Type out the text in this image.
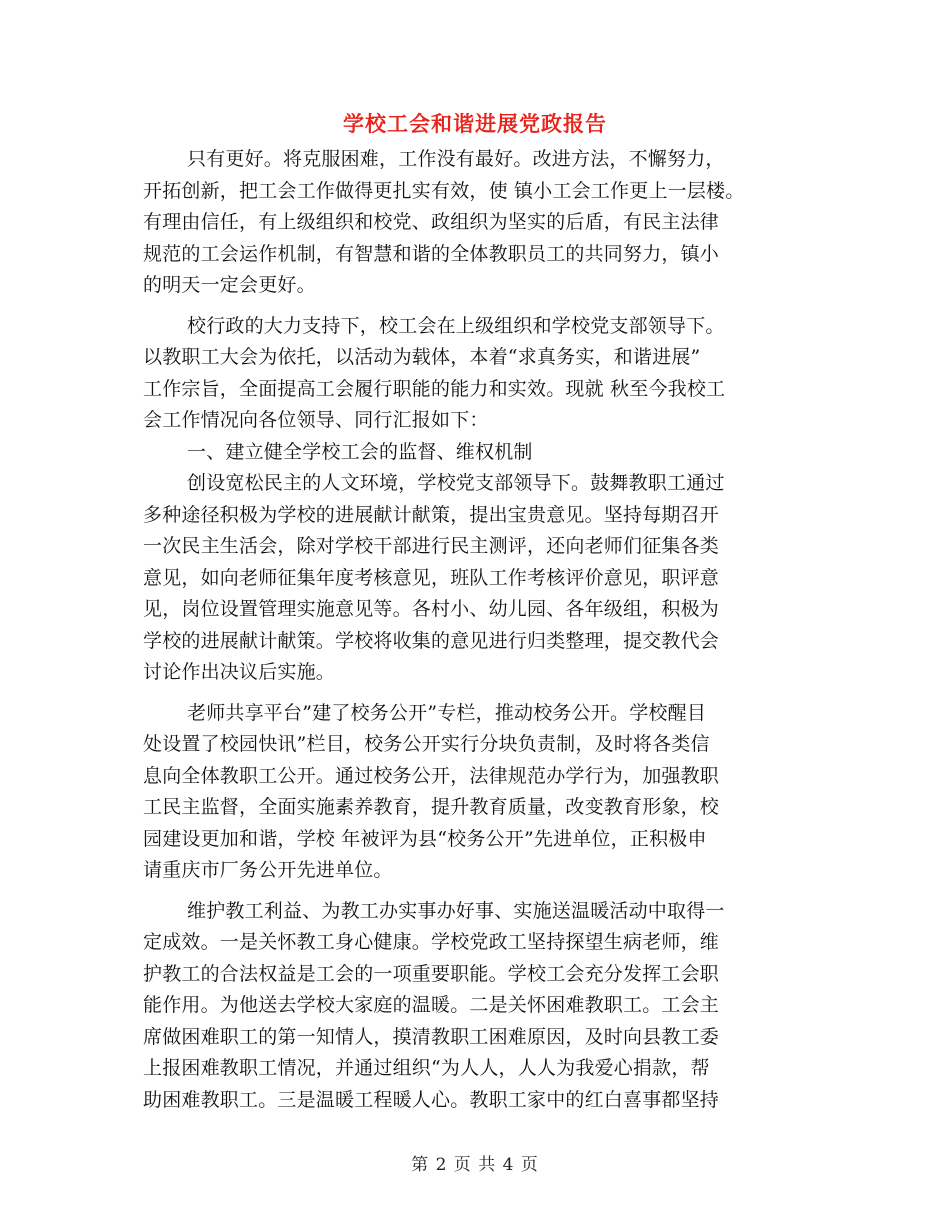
学校工会和谐进展党政报告
只有更好。将克服困难，工作没有最好。改进方法，不懈努力，
开拓创新，把工会工作做得更扎实有效，使 镇小工会工作更上一层楼。
有理由信任，有上级组织和校党、政组织为坚实的后盾，有民主法律
规范的工会运作机制，有智慧和谐的全体教职员工的共同努力，镇小
的明天一定会更好。
校行政的大力支持下，校工会在上级组织和学校党支部领导下。
以教职工大会为依托，以活动为载体，本着“求真务实，和谐进展”
工作宗旨，全面提高工会履行职能的能力和实效。现就 秋至今我校工
会工作情况向各位领导、同行汇报如下：
一、建立健全学校工会的监督、维权机制
创设宽松民主的人文环境，学校党支部领导下。鼓舞教职工通过
多种途径积极为学校的进展献计献策，提出宝贵意见。坚持每期召开
一次民主生活会，除对学校干部进行民主测评，还向老师们征集各类
意见，如向老师征集年度考核意见，班队工作考核评价意见，职评意
见，岗位设置管理实施意见等。各村小、幼儿园、各年级组，积极为
学校的进展献计献策。学校将收集的意见进行归类整理，提交教代会
讨论作出决议后实施。
老师共享平台”建了校务公开”专栏，推动校务公开。学校醒目
处设置了校园快讯”栏目，校务公开实行分块负责制，及时将各类信
息向全体教职工公开。通过校务公开，法律规范办学行为，加强教职
工民主监督，全面实施素养教育，提升教育质量，改变教育形象，校
园建设更加和谐，学校 年被评为县“校务公开”先进单位，正积极申
请重庆市厂务公开先进单位。
维护教工利益、为教工办实事办好事、实施送温暖活动中取得一
定成效。一是关怀教工身心健康。学校党政工坚持探望生病老师，维
护教工的合法权益是工会的一项重要职能。学校工会充分发挥工会职
能作用。为他送去学校大家庭的温暖。二是关怀困难教职工。工会主
席做困难职工的第一知情人，摸清教职工困难原因，及时向县教工委
上报困难教职工情况，并通过组织“为人人，人人为我爱心捐款，帮
助困难教职工。三是温暖工程暖人心。教职工家中的红白喜事都坚持
第 2 页 共 4 页
